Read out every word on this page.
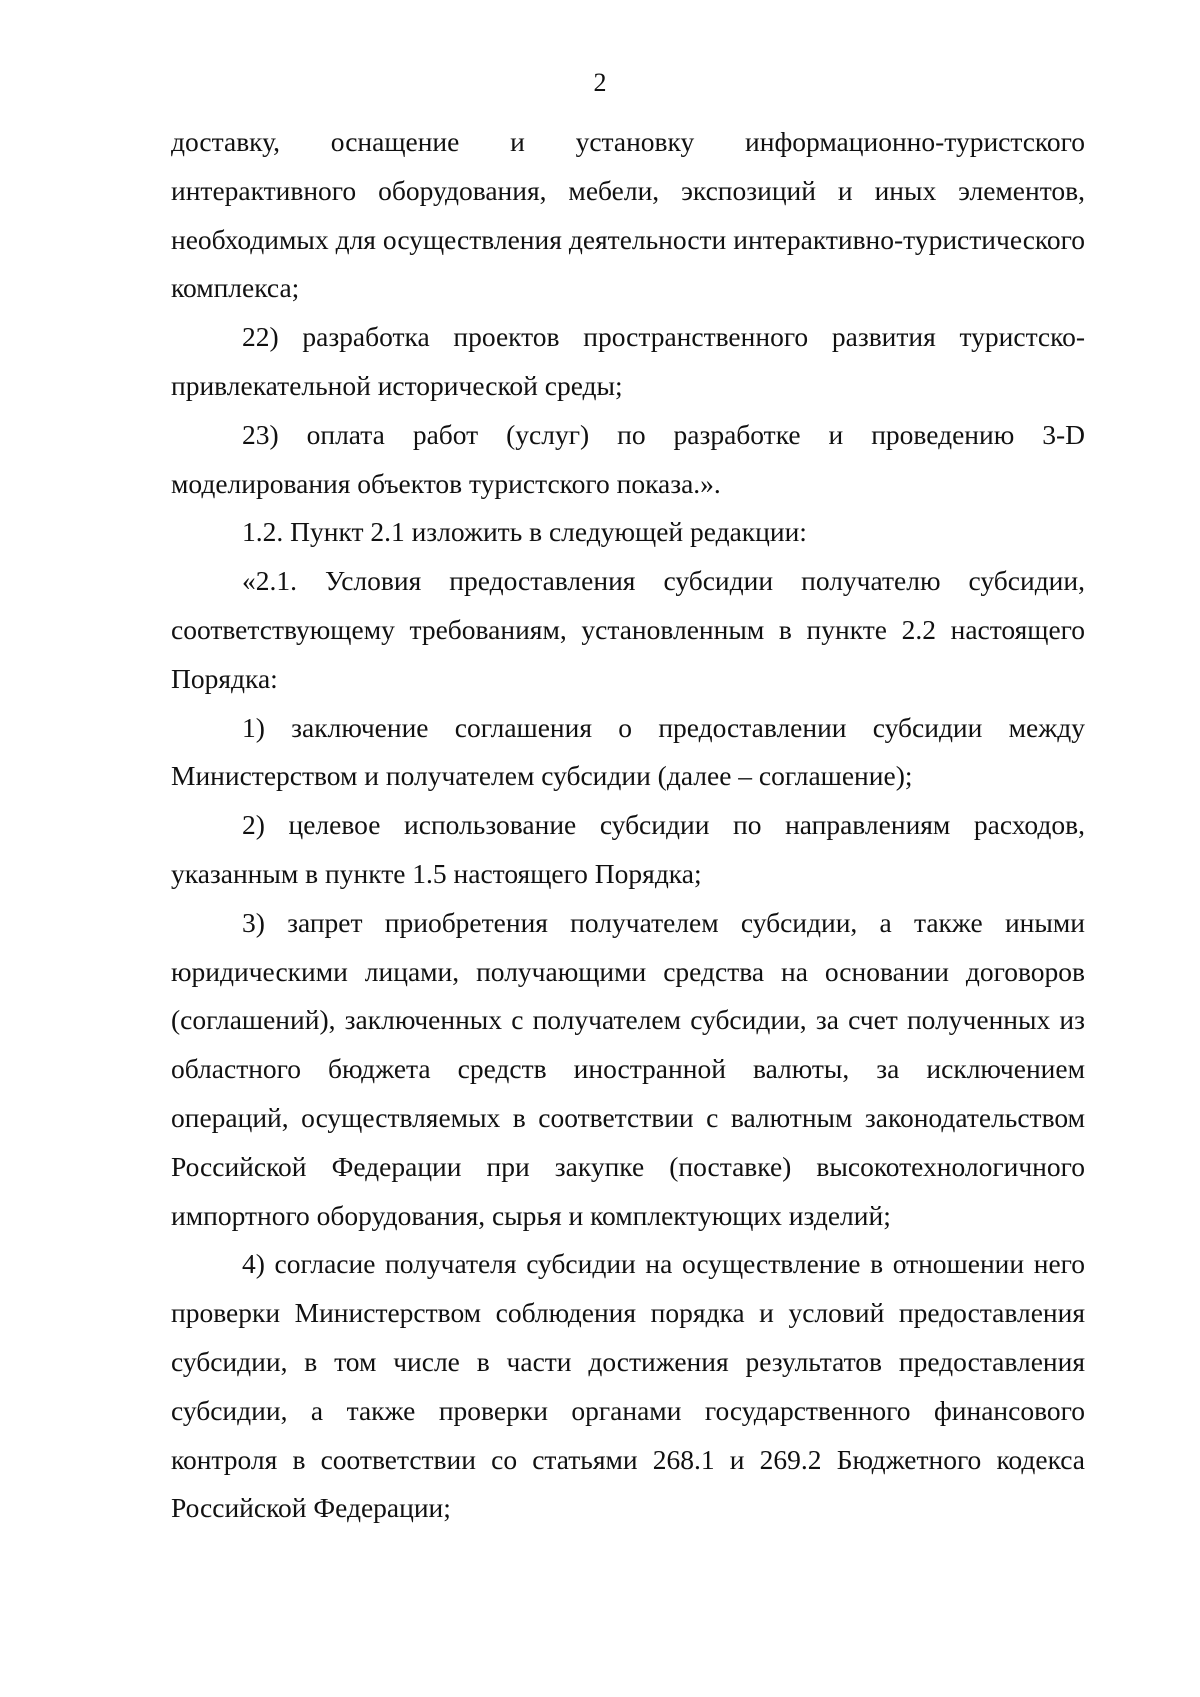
2

доставку, оснащение и установку информационно-туристского интерактивного оборудования, мебели, экспозиций и иных элементов, необходимых для осуществления деятельности интерактивно-туристического комплекса;

22) разработка проектов пространственного развития туристско-привлекательной исторической среды;

23) оплата работ (услуг) по разработке и проведению 3-D моделирования объектов туристского показа.».

1.2. Пункт 2.1 изложить в следующей редакции:

«2.1. Условия предоставления субсидии получателю субсидии, соответствующему требованиям, установленным в пункте 2.2 настоящего Порядка:

1) заключение соглашения о предоставлении субсидии между Министерством и получателем субсидии (далее – соглашение);

2) целевое использование субсидии по направлениям расходов, указанным в пункте 1.5 настоящего Порядка;

3) запрет приобретения получателем субсидии, а также иными юридическими лицами, получающими средства на основании договоров (соглашений), заключенных с получателем субсидии, за счет полученных из областного бюджета средств иностранной валюты, за исключением операций, осуществляемых в соответствии с валютным законодательством Российской Федерации при закупке (поставке) высокотехнологичного импортного оборудования, сырья и комплектующих изделий;

4) согласие получателя субсидии на осуществление в отношении него проверки Министерством соблюдения порядка и условий предоставления субсидии, в том числе в части достижения результатов предоставления субсидии, а также проверки органами государственного финансового контроля в соответствии со статьями 268.1 и 269.2 Бюджетного кодекса Российской Федерации;
